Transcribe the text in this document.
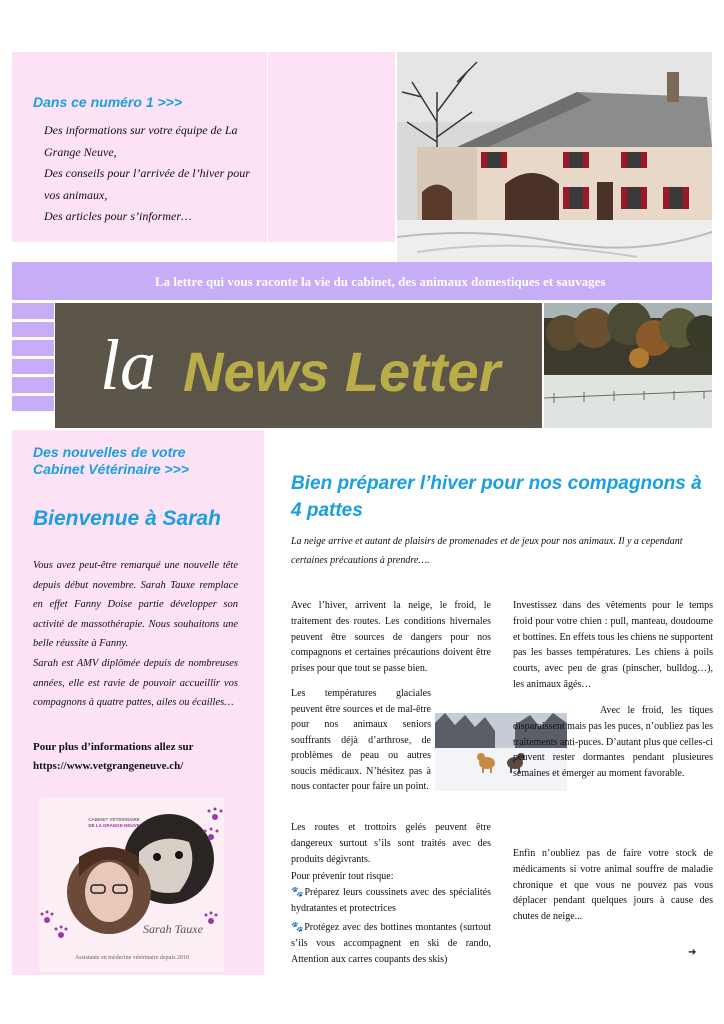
Dans ce numéro 1 >>>

Des informations sur votre équipe de La Grange Neuve,

Des conseils pour l’arrivée de l’hiver pour vos animaux,

Des articles pour s’informer…

La lettre qui vous raconte la vie du cabinet, des animaux domestiques et sauvages
la News Letter
Des nouvelles de votre Cabinet Vétérinaire >>>
Bienvenue à Sarah
Vous avez peut-être remarqué une nouvelle tête depuis début novembre. Sarah Tauxe remplace en effet Fanny Doise partie développer son activité de massothérapie. Nous souhaitons une belle réussite à Fanny.
Sarah est AMV diplômée depuis de nombreuses années, elle est ravie de pouvoir accueillir vos compagnons à quatre pattes, ailes ou écailles…
Pour plus d’informations allez sur
https://www.vetgrangeneuve.ch/
CABINET VÉTÉRINAIRE
DE LA GRANGE-NEUVE
Sarah Tauxe
Assistante en médecine vétérinaire depuis 2010
Bien préparer l’hiver pour nos compagnons à 4 pattes
La neige arrive et autant de plaisirs de promenades et de jeux pour nos animaux. Il y a cependant certaines précautions à prendre….
Avec l’hiver, arrivent la neige, le froid, le traitement des routes. Les conditions hivernales peuvent être sources de dangers pour nos compagnons et certaines précautions doivent être prises pour que tout se passe bien.
Les températures glaciales peuvent être sources et de mal-être pour nos animaux seniors souffrants déjà d’arthrose, de problèmes de peau ou autres soucis médicaux. N’hésitez pas à nous contacter pour faire un point.
Les routes et trottoirs gelés peuvent être dangereux surtout s’ils sont traités avec des produits dégivrants.
Pour prévenir tout risque:
🐾Préparez leurs coussinets avec des spécialités hydratantes et protectrices
🐾Protégez avec des bottines montantes (surtout s’ils vous accompagnent en ski de rando, Attention aux carres coupants des skis)
Investissez dans des vêtements pour le temps froid pour votre chien : pull, manteau, doudoume et bottines. En effets tous les chiens ne supportent pas les basses températures. Les chiens à poils courts, avec peu de gras (pinscher, bulldog…), les animaux âgés…
Avec le froid, les tiques disparaissent mais pas les puces, n’oubliez pas les traitements anti-puces. D’autant plus que celles-ci peuvent rester dormantes pendant plusieures semaines et émerger au moment favorable.
Enfin n’oubliez pas de faire votre stock de médicaments si votre animal souffre de maladie chronique et que vous ne pouvez pas vous déplacer pendant quelques jours à cause des chutes de neige...
➔
